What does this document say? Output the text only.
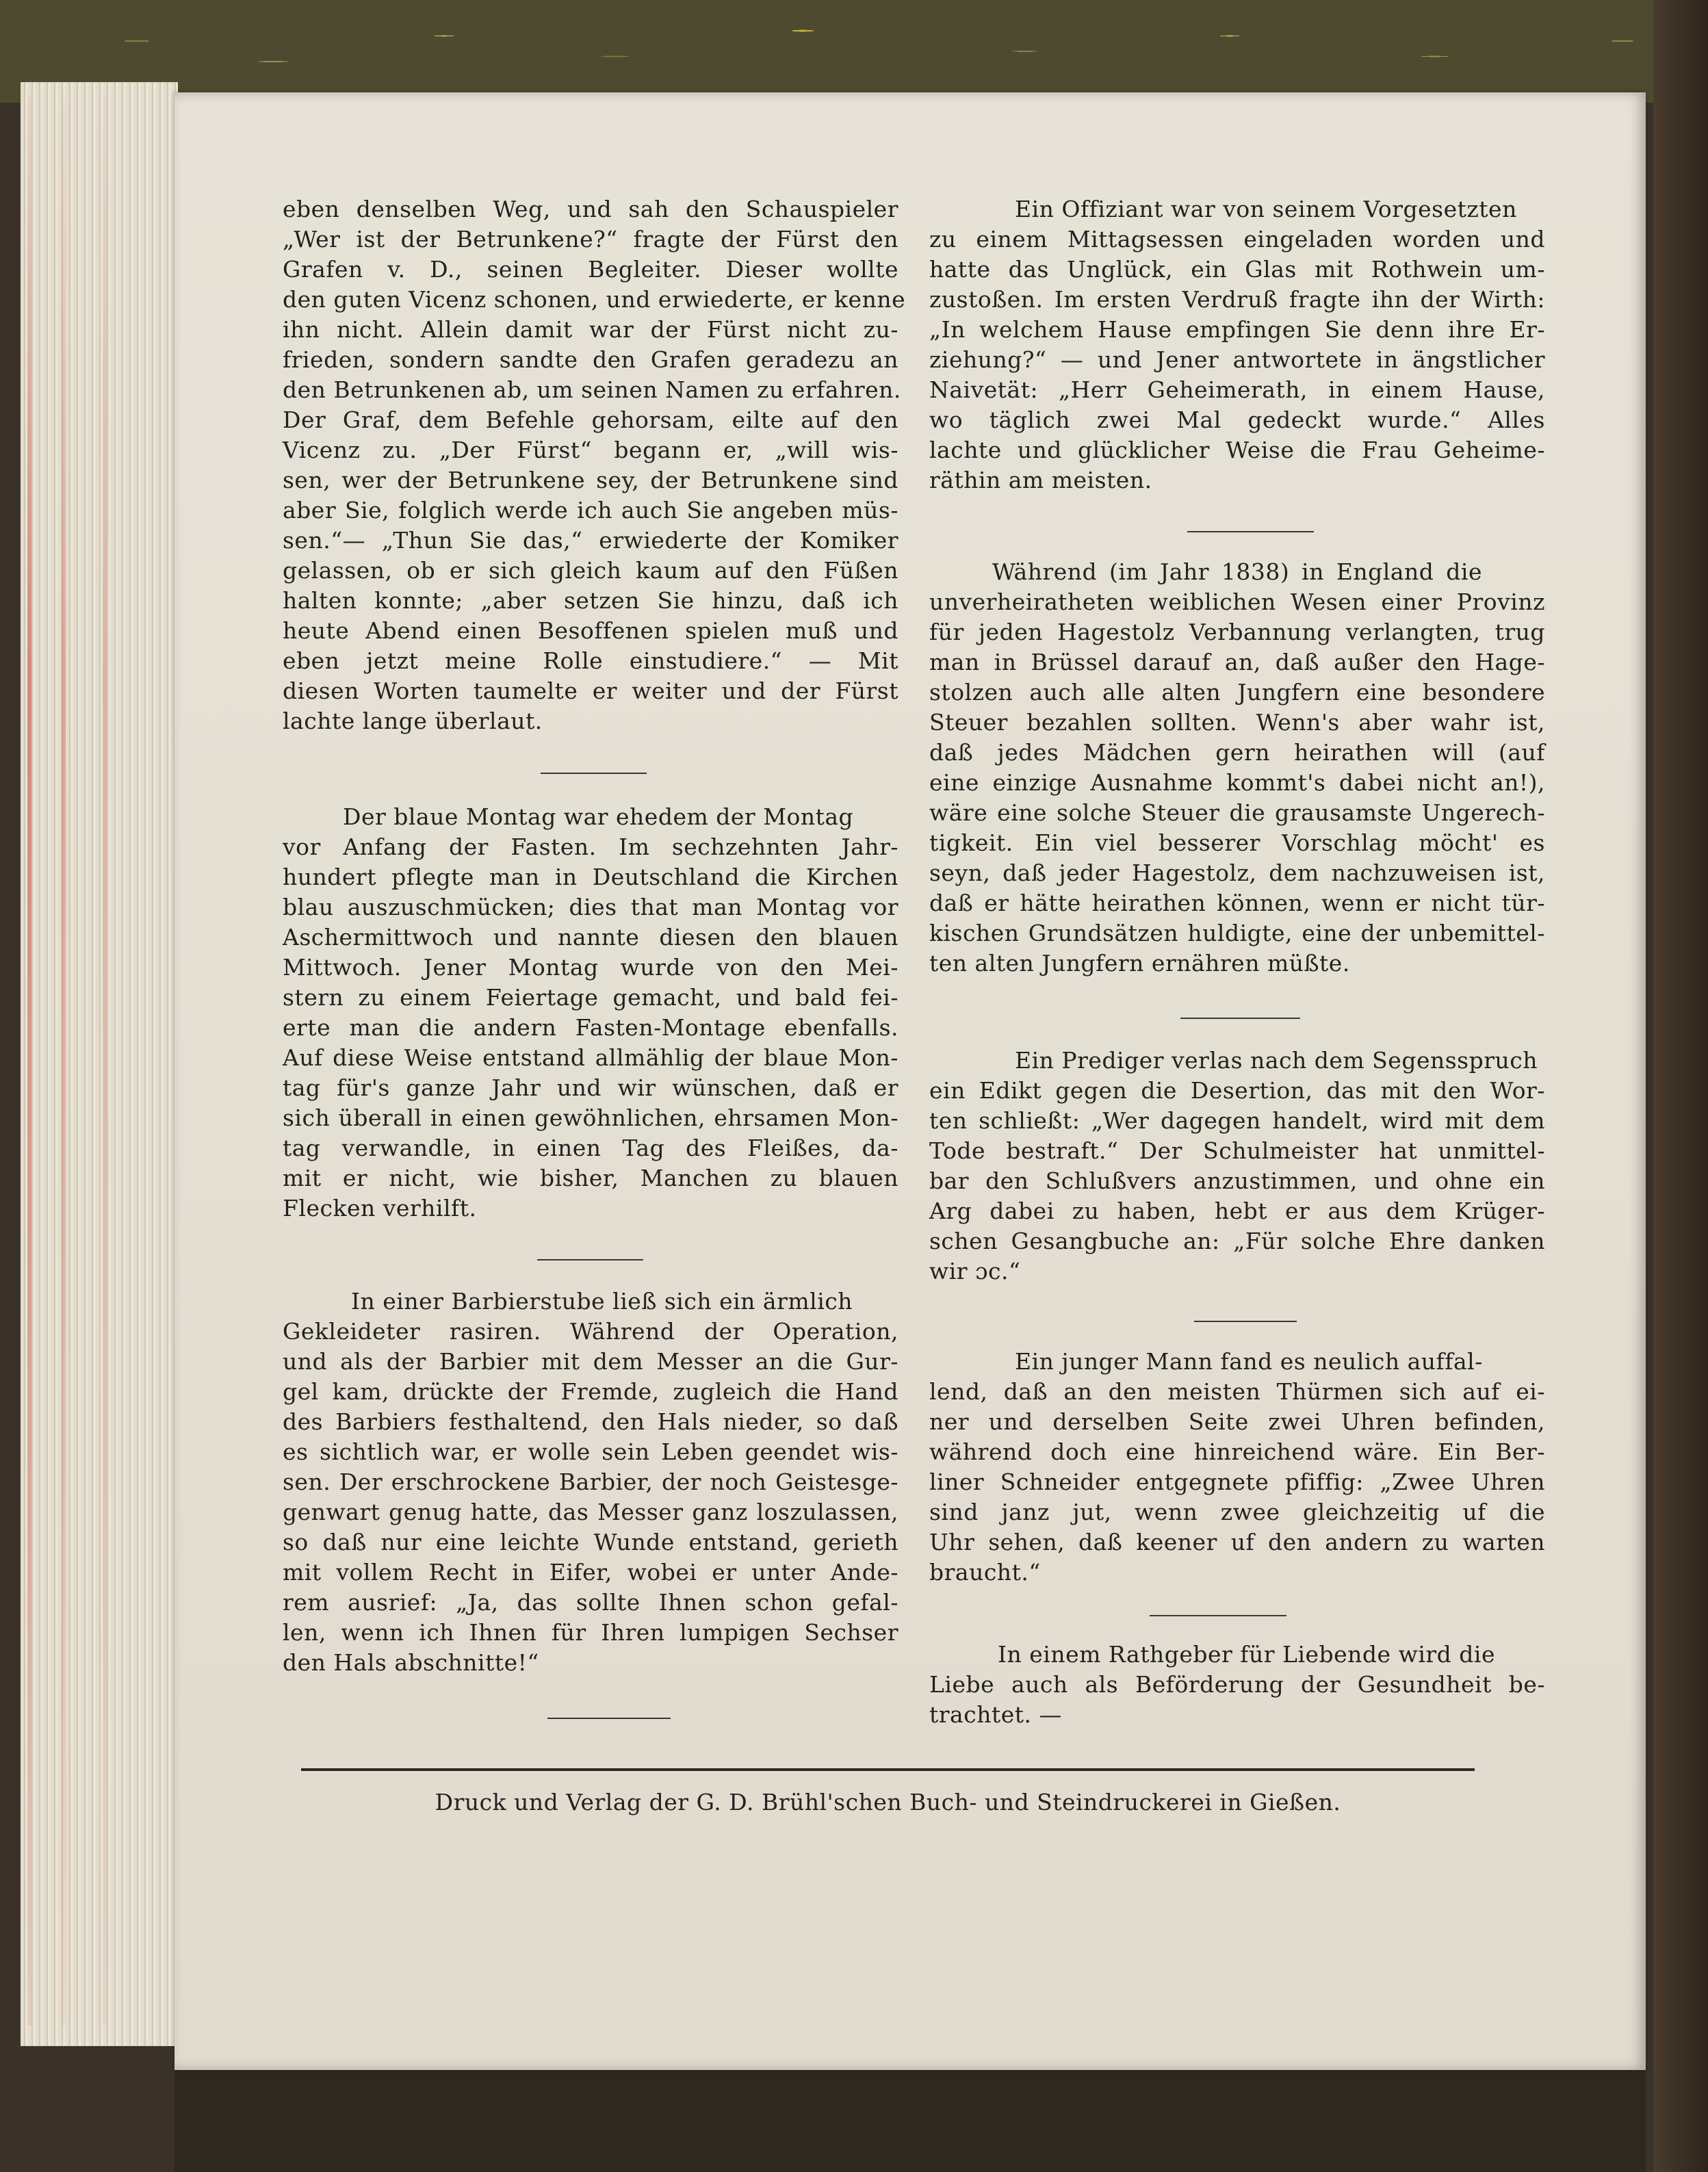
eben denselben Weg, und sah den Schauspieler
„Wer ist der Betrunkene?“ fragte der Fürst den
Grafen v. D., seinen Begleiter. Dieser wollte
den guten Vicenz schonen, und erwiederte, er kenne
ihn nicht. Allein damit war der Fürst nicht zu-
frieden, sondern sandte den Grafen geradezu an
den Betrunkenen ab, um seinen Namen zu erfahren.
Der Graf, dem Befehle gehorsam, eilte auf den
Vicenz zu. „Der Fürst“ begann er, „will wis-
sen, wer der Betrunkene sey, der Betrunkene sind
aber Sie, folglich werde ich auch Sie angeben müs-
sen.“— „Thun Sie das,“ erwiederte der Komiker
gelassen, ob er sich gleich kaum auf den Füßen
halten konnte; „aber setzen Sie hinzu, daß ich
heute Abend einen Besoffenen spielen muß und
eben jetzt meine Rolle einstudiere.“ — Mit
diesen Worten taumelte er weiter und der Fürst
lachte lange überlaut.
Der blaue Montag war ehedem der Montag
vor Anfang der Fasten. Im sechzehnten Jahr-
hundert pflegte man in Deutschland die Kirchen
blau auszuschmücken; dies that man Montag vor
Aschermittwoch und nannte diesen den blauen
Mittwoch. Jener Montag wurde von den Mei-
stern zu einem Feiertage gemacht, und bald fei-
erte man die andern Fasten-Montage ebenfalls.
Auf diese Weise entstand allmählig der blaue Mon-
tag für's ganze Jahr und wir wünschen, daß er
sich überall in einen gewöhnlichen, ehrsamen Mon-
tag verwandle, in einen Tag des Fleißes, da-
mit er nicht, wie bisher, Manchen zu blauen
Flecken verhilft.
In einer Barbierstube ließ sich ein ärmlich
Gekleideter rasiren. Während der Operation,
und als der Barbier mit dem Messer an die Gur-
gel kam, drückte der Fremde, zugleich die Hand
des Barbiers festhaltend, den Hals nieder, so daß
es sichtlich war, er wolle sein Leben geendet wis-
sen. Der erschrockene Barbier, der noch Geistesge-
genwart genug hatte, das Messer ganz loszulassen,
so daß nur eine leichte Wunde entstand, gerieth
mit vollem Recht in Eifer, wobei er unter Ande-
rem ausrief: „Ja, das sollte Ihnen schon gefal-
len, wenn ich Ihnen für Ihren lumpigen Sechser
den Hals abschnitte!“
Ein Offiziant war von seinem Vorgesetzten
zu einem Mittagsessen eingeladen worden und
hatte das Unglück, ein Glas mit Rothwein um-
zustoßen. Im ersten Verdruß fragte ihn der Wirth:
„In welchem Hause empfingen Sie denn ihre Er-
ziehung?“ — und Jener antwortete in ängstlicher
Naivetät: „Herr Geheimerath, in einem Hause,
wo täglich zwei Mal gedeckt wurde.“ Alles
lachte und glücklicher Weise die Frau Geheime-
räthin am meisten.
Während (im Jahr 1838) in England die
unverheiratheten weiblichen Wesen einer Provinz
für jeden Hagestolz Verbannung verlangten, trug
man in Brüssel darauf an, daß außer den Hage-
stolzen auch alle alten Jungfern eine besondere
Steuer bezahlen sollten. Wenn's aber wahr ist,
daß jedes Mädchen gern heirathen will (auf
eine einzige Ausnahme kommt's dabei nicht an!),
wäre eine solche Steuer die grausamste Ungerech-
tigkeit. Ein viel besserer Vorschlag möcht' es
seyn, daß jeder Hagestolz, dem nachzuweisen ist,
daß er hätte heirathen können, wenn er nicht tür-
kischen Grundsätzen huldigte, eine der unbemittel-
ten alten Jungfern ernähren müßte.
Ein Prediger verlas nach dem Segensspruch
ein Edikt gegen die Desertion, das mit den Wor-
ten schließt: „Wer dagegen handelt, wird mit dem
Tode bestraft.“ Der Schulmeister hat unmittel-
bar den Schlußvers anzustimmen, und ohne ein
Arg dabei zu haben, hebt er aus dem Krüger-
schen Gesangbuche an: „Für solche Ehre danken
wir ɔc.“
Ein junger Mann fand es neulich auffal-
lend, daß an den meisten Thürmen sich auf ei-
ner und derselben Seite zwei Uhren befinden,
während doch eine hinreichend wäre. Ein Ber-
liner Schneider entgegnete pfiffig: „Zwee Uhren
sind janz jut, wenn zwee gleichzeitig uf die
Uhr sehen, daß keener uf den andern zu warten
braucht.“
In einem Rathgeber für Liebende wird die
Liebe auch als Beförderung der Gesundheit be-
trachtet. —
Druck und Verlag der G. D. Brühl'schen Buch- und Steindruckerei in Gießen.
